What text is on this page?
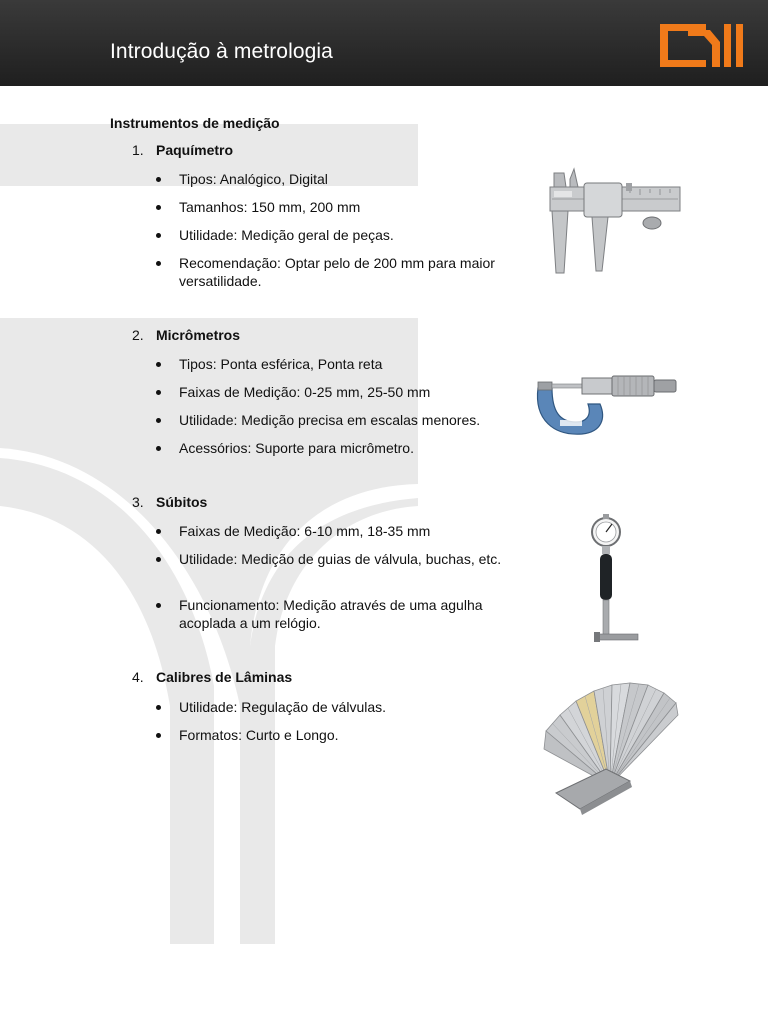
Introdução à metrologia
Instrumentos de medição
1. Paquímetro
Tipos: Analógico, Digital
Tamanhos: 150 mm, 200 mm
Utilidade: Medição geral de peças.
Recomendação: Optar pelo de 200 mm para maior versatilidade.
2. Micrômetros
Tipos: Ponta esférica, Ponta reta
Faixas de Medição: 0-25 mm, 25-50 mm
Utilidade: Medição precisa em escalas menores.
Acessórios: Suporte para micrômetro.
3. Súbitos
Faixas de Medição: 6-10 mm, 18-35 mm
Utilidade: Medição de guias de válvula, buchas, etc.
Funcionamento: Medição através de uma agulha acoplada a um relógio.
4. Calibres de Lâminas
Utilidade: Regulação de válvulas.
Formatos: Curto e Longo.
